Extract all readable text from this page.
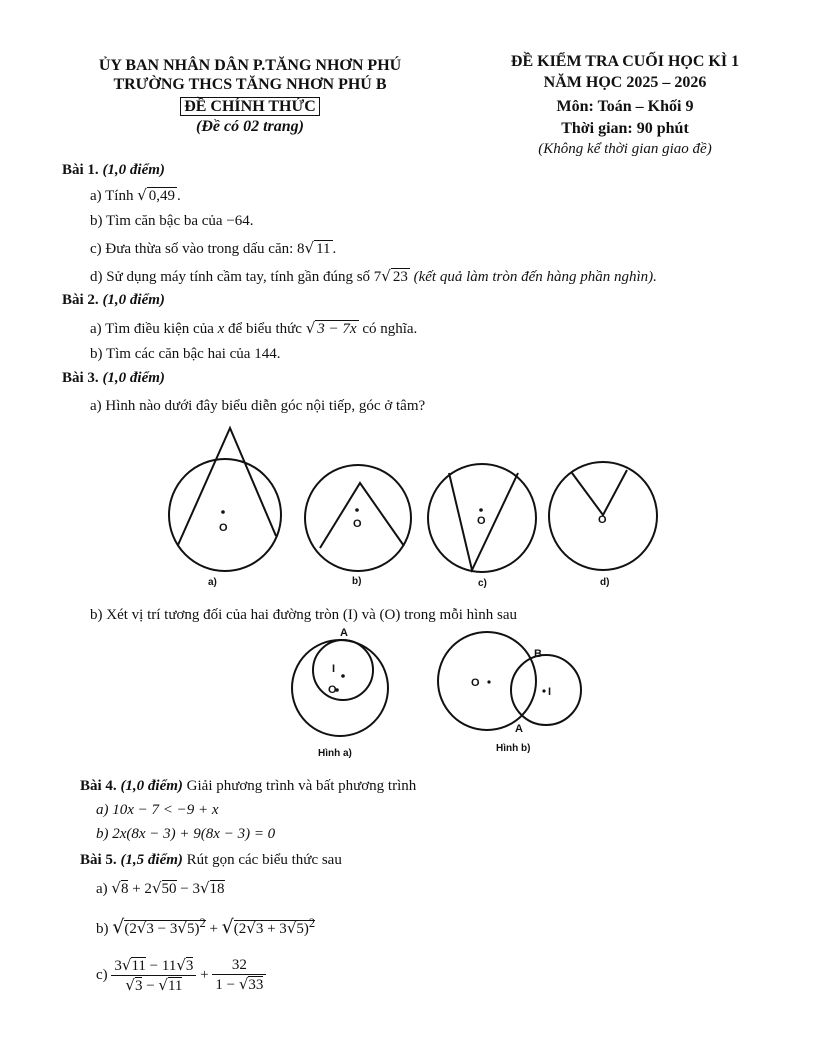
ỦY BAN NHÂN DÂN P.TĂNG NHƠN PHÚ
TRƯỜNG THCS TĂNG NHƠN PHÚ B
ĐỀ CHÍNH THỨC
(Đề có 02 trang)
ĐỀ KIỂM TRA CUỐI HỌC KÌ 1
NĂM HỌC 2025 – 2026
Môn: Toán – Khối 9
Thời gian: 90 phút
(Không kể thời gian giao đề)
Bài 1. (1,0 điểm)
a) Tính √ 0,49 .
b) Tìm căn bậc ba của −64.
c) Đưa thừa số vào trong dấu căn: 8√ 11 .
d) Sử dụng máy tính cầm tay, tính gần đúng số 7√ 23 (kết quả làm tròn đến hàng phần nghìn).
Bài 2. (1,0 điểm)
a) Tìm điều kiện của x để biểu thức √ 3 − 7x có nghĩa.
b) Tìm các căn bậc hai của 144.
Bài 3. (1,0 điểm)
a) Hình nào dưới đây biểu diễn góc nội tiếp, góc ở tâm?
O	O	O	O
a)	b)	c)	d)
b) Xét vị trí tương đối của hai đường tròn (I) và (O) trong mỗi hình sau
A
I
O
Hình a)
B
O
I
A
Hình b)
Bài 4. (1,0 điểm) Giải phương trình và bất phương trình
a) 10x − 7 < −9 + x
b) 2x(8x − 3) + 9(8x − 3) = 0
Bài 5. (1,5 điểm) Rút gọn các biểu thức sau
a) √8 + 2√50 − 3√18
b) $√(2√3 - 3√5)^2 + √(2√3 + 3√5)^2$
$c) \frac{3√11 - 11√3}{√3 - √11} + \frac{32}{1 - √33}$
